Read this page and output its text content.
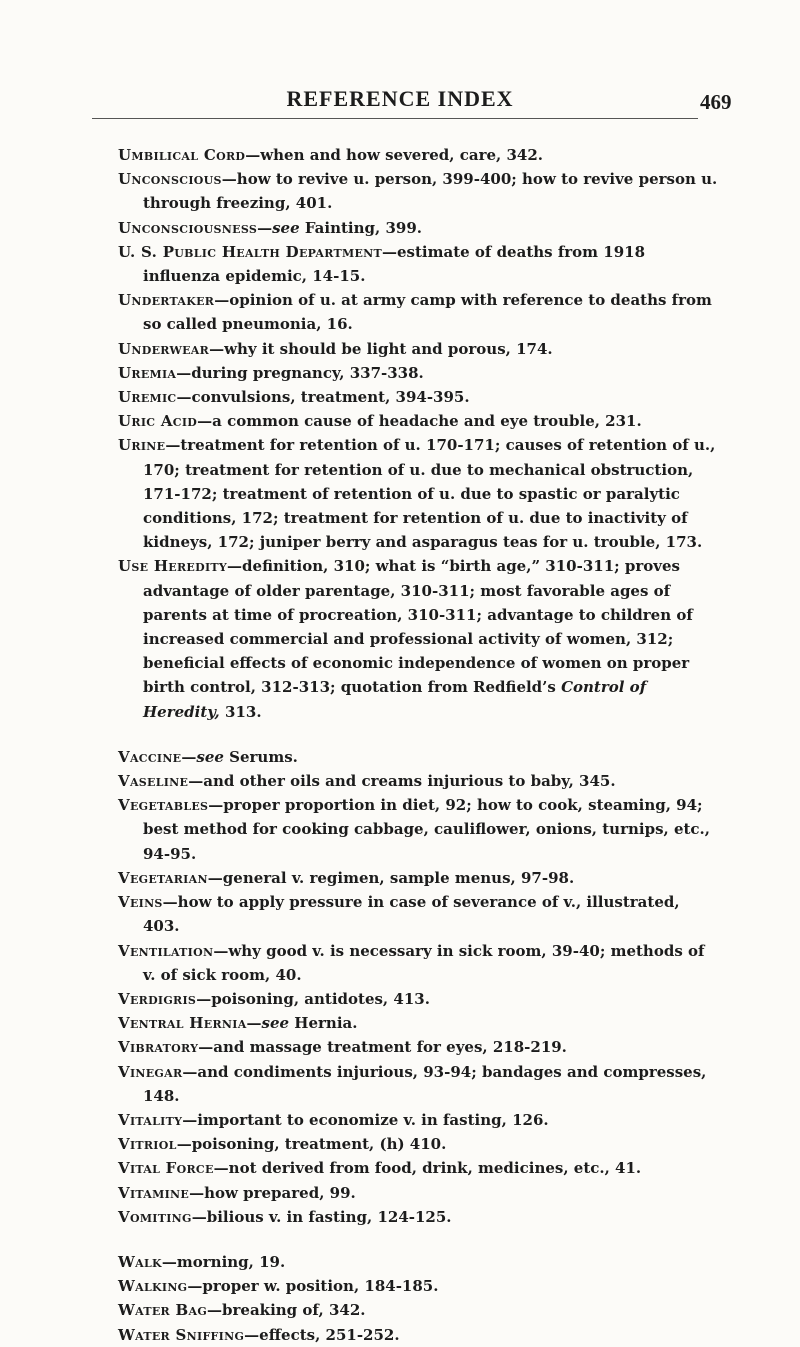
REFERENCE INDEX	469

Umbilical Cord—when and how severed, care, 342.

Unconscious—how to revive u. person, 399-400; how to revive person u. through freezing, 401.

Unconsciousness—see Fainting, 399.

U. S. Public Health Department—estimate of deaths from 1918 influenza epidemic, 14-15.

Undertaker—opinion of u. at army camp with reference to deaths from so called pneumonia, 16.

Underwear—why it should be light and porous, 174.

Uremia—during pregnancy, 337-338.

Uremic—convulsions, treatment, 394-395.

Uric Acid—a common cause of headache and eye trouble, 231.

Urine—treatment for retention of u. 170-171; causes of retention of u., 170; treatment for retention of u. due to mechanical obstruction, 171-172; treatment of retention of u. due to spastic or paralytic conditions, 172; treatment for retention of u. due to inactivity of kidneys, 172; juniper berry and asparagus teas for u. trouble, 173.

Use Heredity—definition, 310; what is “birth age,” 310-311; proves advantage of older parentage, 310-311; most favorable ages of parents at time of procreation, 310-311; advantage to children of increased commercial and professional activity of women, 312; beneficial effects of economic independence of women on proper birth control, 312-313; quotation from Redfield’s Control of Heredity, 313.

Vaccine—see Serums.

Vaseline—and other oils and creams injurious to baby, 345.

Vegetables—proper proportion in diet, 92; how to cook, steaming, 94; best method for cooking cabbage, cauliflower, onions, turnips, etc., 94-95.

Vegetarian—general v. regimen, sample menus, 97-98.

Veins—how to apply pressure in case of severance of v., illustrated, 403.

Ventilation—why good v. is necessary in sick room, 39-40; methods of v. of sick room, 40.

Verdigris—poisoning, antidotes, 413.

Ventral Hernia—see Hernia.

Vibratory—and massage treatment for eyes, 218-219.

Vinegar—and condiments injurious, 93-94; bandages and compresses, 148.

Vitality—important to economize v. in fasting, 126.

Vitriol—poisoning, treatment, (h) 410.

Vital Force—not derived from food, drink, medicines, etc., 41.

Vitamine—how prepared, 99.

Vomiting—bilious v. in fasting, 124-125.

Walk—morning, 19.

Walking—proper w. position, 184-185.

Water Bag—breaking of, 342.

Water Sniffing—effects, 251-252.
